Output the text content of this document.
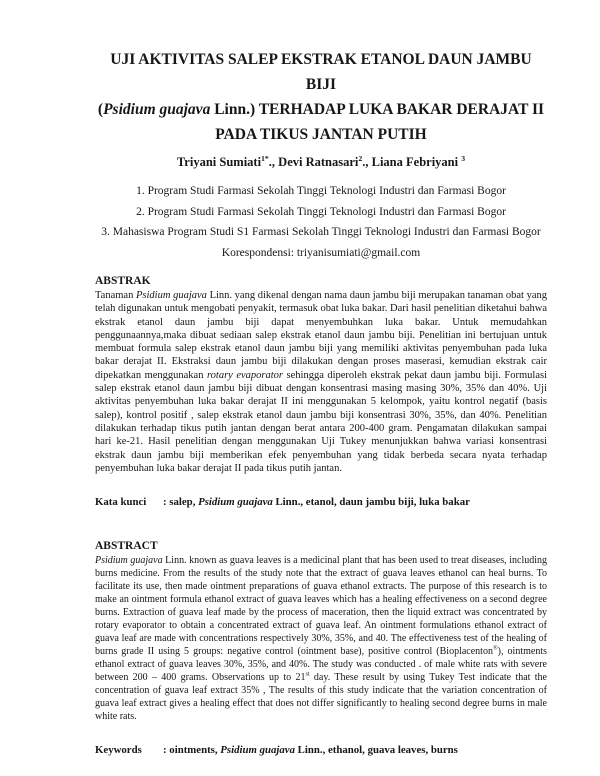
UJI AKTIVITAS SALEP EKSTRAK ETANOL DAUN JAMBU BIJI
(Psidium guajava Linn.) TERHADAP LUKA BAKAR DERAJAT II
PADA TIKUS JANTAN PUTIH
Triyani Sumiati$^{1*}$., Devi Ratnasari$^2$., Liana Febriyani $^3$
1. Program Studi Farmasi Sekolah Tinggi Teknologi Industri dan Farmasi Bogor
2. Program Studi Farmasi Sekolah Tinggi Teknologi Industri dan Farmasi Bogor
3. Mahasiswa Program Studi S1 Farmasi Sekolah Tinggi Teknologi Industri dan Farmasi Bogor
Korespondensi: triyanisumiati@gmail.com
ABSTRAK
Tanaman Psidium guajava Linn. yang dikenal dengan nama daun jambu biji merupakan tanaman obat yang telah digunakan untuk mengobati penyakit, termasuk obat luka bakar. Dari hasil penelitian diketahui bahwa ekstrak etanol daun jambu biji dapat menyembuhkan luka bakar. Untuk memudahkan penggunaannya,maka dibuat sediaan salep ekstrak etanol daun jambu biji. Penelitian ini bertujuan untuk membuat formula salep ekstrak etanol daun jambu biji yang memiliki aktivitas penyembuhan pada luka bakar derajat II. Ekstraksi daun jambu biji dilakukan dengan proses maserasi, kemudian ekstrak cair dipekatkan menggunakan rotary evaporator sehingga diperoleh ekstrak pekat daun jambu biji. Formulasi salep ekstrak etanol daun jambu biji dibuat dengan konsentrasi masing masing 30%, 35% dan 40%. Uji aktivitas penyembuhan luka bakar derajat II ini menggunakan 5 kelompok, yaitu kontrol negatif (basis salep), kontrol positif , salep ekstrak etanol daun jambu biji konsentrasi 30%, 35%, dan 40%. Penelitian dilakukan terhadap tikus putih jantan dengan berat antara 200-400 gram. Pengamatan dilakukan sampai hari ke-21. Hasil penelitian dengan menggunakan Uji Tukey menunjukkan bahwa variasi konsentrasi ekstrak daun jambu biji memberikan efek penyembuhan yang tidak berbeda secara nyata terhadap penyembuhan luka bakar derajat II pada tikus putih jantan.
Kata kunci	: salep, Psidium guajava Linn., etanol, daun jambu biji, luka bakar
ABSTRACT
Psidium guajava Linn. known as guava leaves is a medicinal plant that has been used to treat diseases, including burns medicine. From the results of the study note that the extract of guava leaves ethanol can heal burns. To facilitate its use, then made ointment preparations of guava ethanol extracts. The purpose of this research is to make an ointment formula ethanol extract of guava leaves which has a healing effectiveness on a second degree burns. Extraction of guava leaf made by the process of maceration, then the liquid extract was concentrated by rotary evaporator to obtain a concentrated extract of guava leaf. An ointment formulations ethanol extract of guava leaf are made with concentrations respectively 30%, 35%, and 40. The effectiveness test of the healing of burns grade II using 5 groups: negative control (ointment base), positive control (Bioplacenton®), ointments ethanol extract of guava leaves 30%, 35%, and 40%. The study was conducted . of male white rats with severe between 200 – 400 grams. Observations up to 21st day. These result by using Tukey Test indicate that the concentration of guava leaf extract 35% , The results of this study indicate that the variation concentration of guava leaf extract gives a healing effect that does not differ significantly to healing second degree burns in male white rats.
Keywords	: ointments, Psidium guajava Linn., ethanol, guava leaves, burns
